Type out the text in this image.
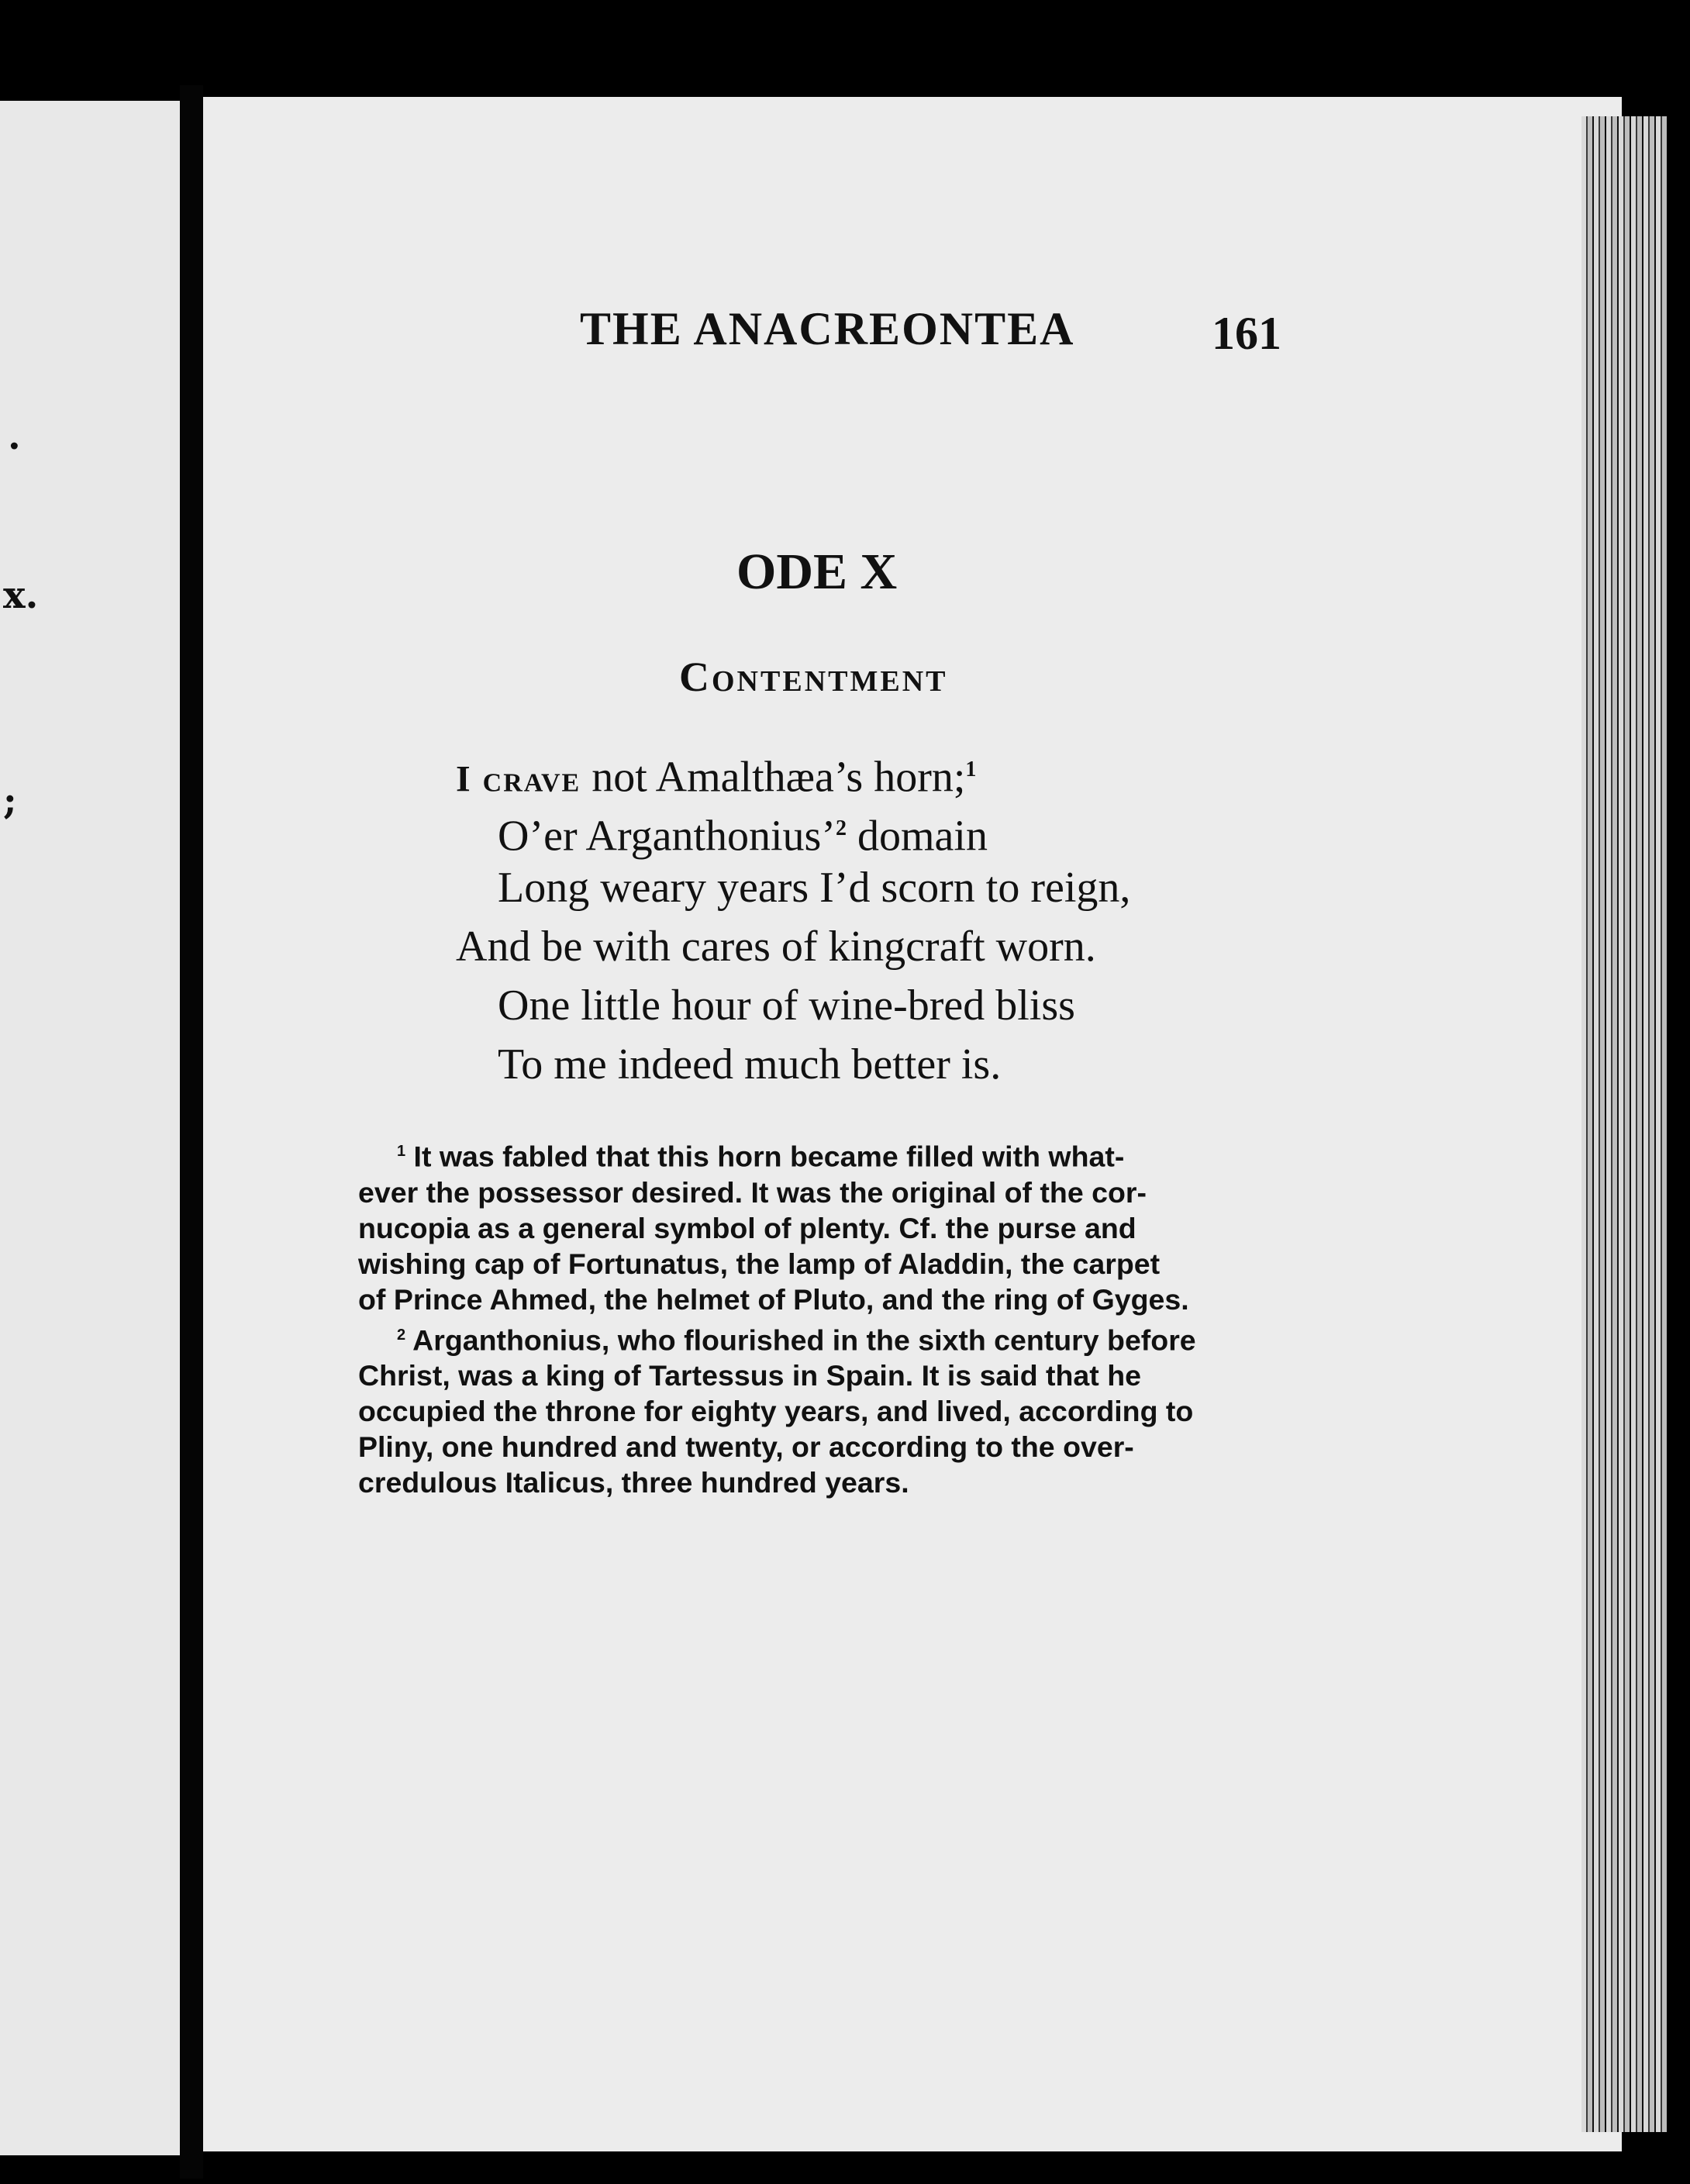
.
x.
;
THE ANACREONTEA	161
ODE X
Contentment
I crave not Amalthæa’s horn;$^1$
O’er Arganthonius’$^2$ domain
Long weary years I’d scorn to reign,
And be with cares of kingcraft worn.
One little hour of wine-bred bliss
To me indeed much better is.
$^1$ It was fabled that this horn became filled with what-
ever the possessor desired. It was the original of the cor-
nucopia as a general symbol of plenty. Cf. the purse and
wishing cap of Fortunatus, the lamp of Aladdin, the carpet
of Prince Ahmed, the helmet of Pluto, and the ring of Gyges.
$^2$ Arganthonius, who flourished in the sixth century before
Christ, was a king of Tartessus in Spain. It is said that he
occupied the throne for eighty years, and lived, according to
Pliny, one hundred and twenty, or according to the over-
credulous Italicus, three hundred years.
